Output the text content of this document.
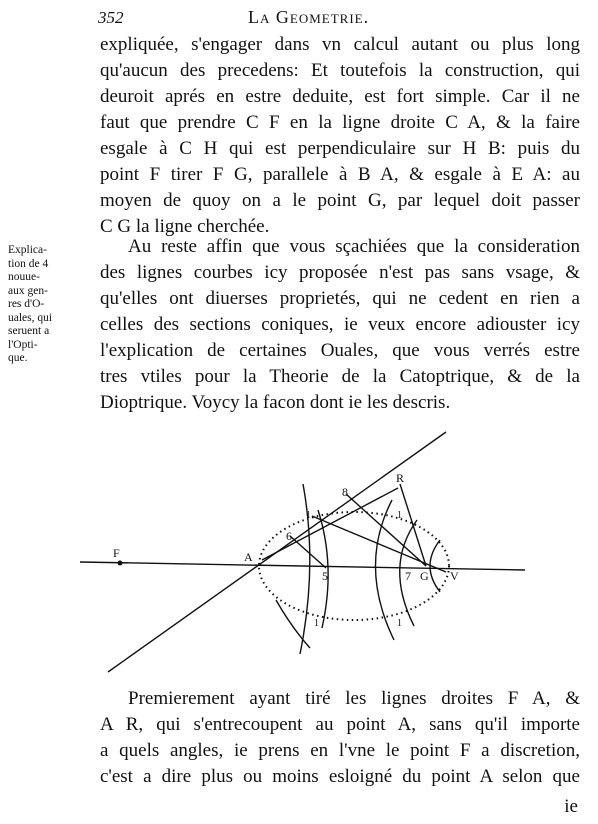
352	La Geometrie.
expliquée, s'engager dans vn calcul autant ou plus long
qu'aucun des precedens: Et toutefois la construction, qui
deuroit aprés en estre deduite, est fort simple. Car il ne
faut que prendre C F en la ligne droite C A, & la faire
esgale à C H qui est perpendiculaire sur H B: puis du
point F tirer F G, parallele à B A, & esgale à E A: au
moyen de quoy on a le point G, par lequel doit passer
C G la ligne cherchée.
Au reste affin que vous sçachiées que la consideration
des lignes courbes icy proposée n'est pas sans vsage, &
qu'elles ont diuerses proprietés, qui ne cedent en rien a
celles des sections coniques, ie veux encore adiouster icy
l'explication de certaines Ouales, que vous verrés estre
tres vtiles pour la Theorie de la Catoptrique, & de la
Dioptrique. Voycy la facon dont ie les descris.
Explica-
tion de 4
nouue-
aux gen-
res d'O-
uales, qui
seruent a
l'Opti-
que.
F	A
R
8
6
1	1
1	1
5	7 G V
Premierement ayant tiré les lignes droites F A, &
A R, qui s'entrecoupent au point A, sans qu'il importe
a quels angles, ie prens en l'vne le point F a discretion,
c'est a dire plus ou moins esloigné du point A selon que
ie
